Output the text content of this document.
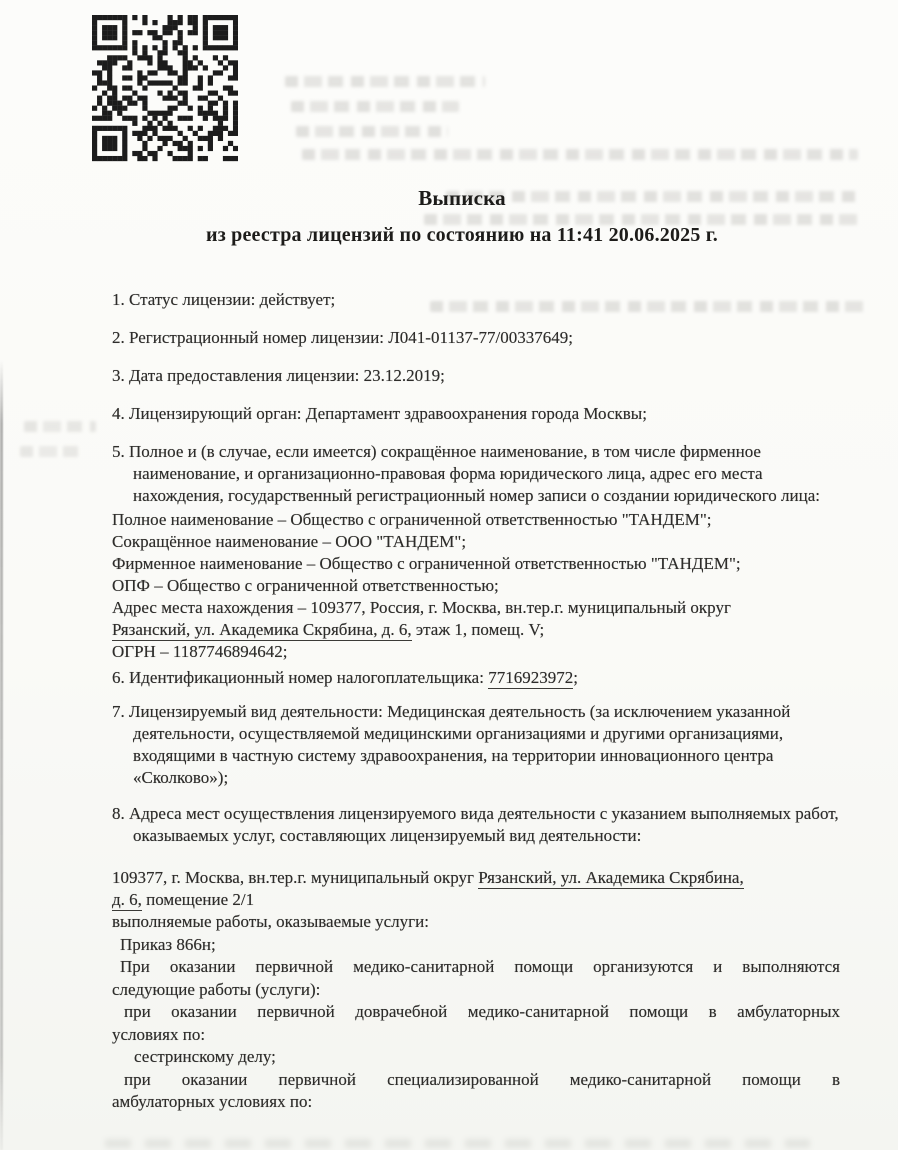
Выписка
из реестра лицензий по состоянию на 11:41 20.06.2025 г.
1. Статус лицензии: действует;
2. Регистрационный номер лицензии: Л041-01137-77/00337649;
3. Дата предоставления лицензии: 23.12.2019;
4. Лицензирующий орган: Департамент здравоохранения города Москвы;
5. Полное и (в случае, если имеется) сокращённое наименование, в том числе фирменное наименование, и организационно-правовая форма юридического лица, адрес его места нахождения, государственный регистрационный номер записи о создании юридического лица:
Полное наименование – Общество с ограниченной ответственностью "ТАНДЕМ";
Сокращённое наименование – ООО "ТАНДЕМ";
Фирменное наименование – Общество с ограниченной ответственностью "ТАНДЕМ";
ОПФ – Общество с ограниченной ответственностью;
Адрес места нахождения – 109377, Россия, г. Москва, вн.тер.г. муниципальный округ
Рязанский, ул. Академика Скрябина, д. 6, этаж 1, помещ. V;
ОГРН – 1187746894642;
6. Идентификационный номер налогоплательщика: 7716923972;
7. Лицензируемый вид деятельности: Медицинская деятельность (за исключением указанной деятельности, осуществляемой медицинскими организациями и другими организациями, входящими в частную систему здравоохранения, на территории инновационного центра «Сколково»);
8. Адреса мест осуществления лицензируемого вида деятельности с указанием выполняемых работ, оказываемых услуг, составляющих лицензируемый вид деятельности:
109377, г. Москва, вн.тер.г. муниципальный округ Рязанский, ул. Академика Скрябина,
д. 6, помещение 2/1
выполняемые работы, оказываемые услуги:
Приказ 866н;
При оказании первичной медико-санитарной помощи организуются и выполняются
следующие работы (услуги):
при оказании первичной доврачебной медико-санитарной помощи в амбулаторных
условиях по:
сестринскому делу;
при оказании первичной специализированной медико-санитарной помощи в
амбулаторных условиях по:
